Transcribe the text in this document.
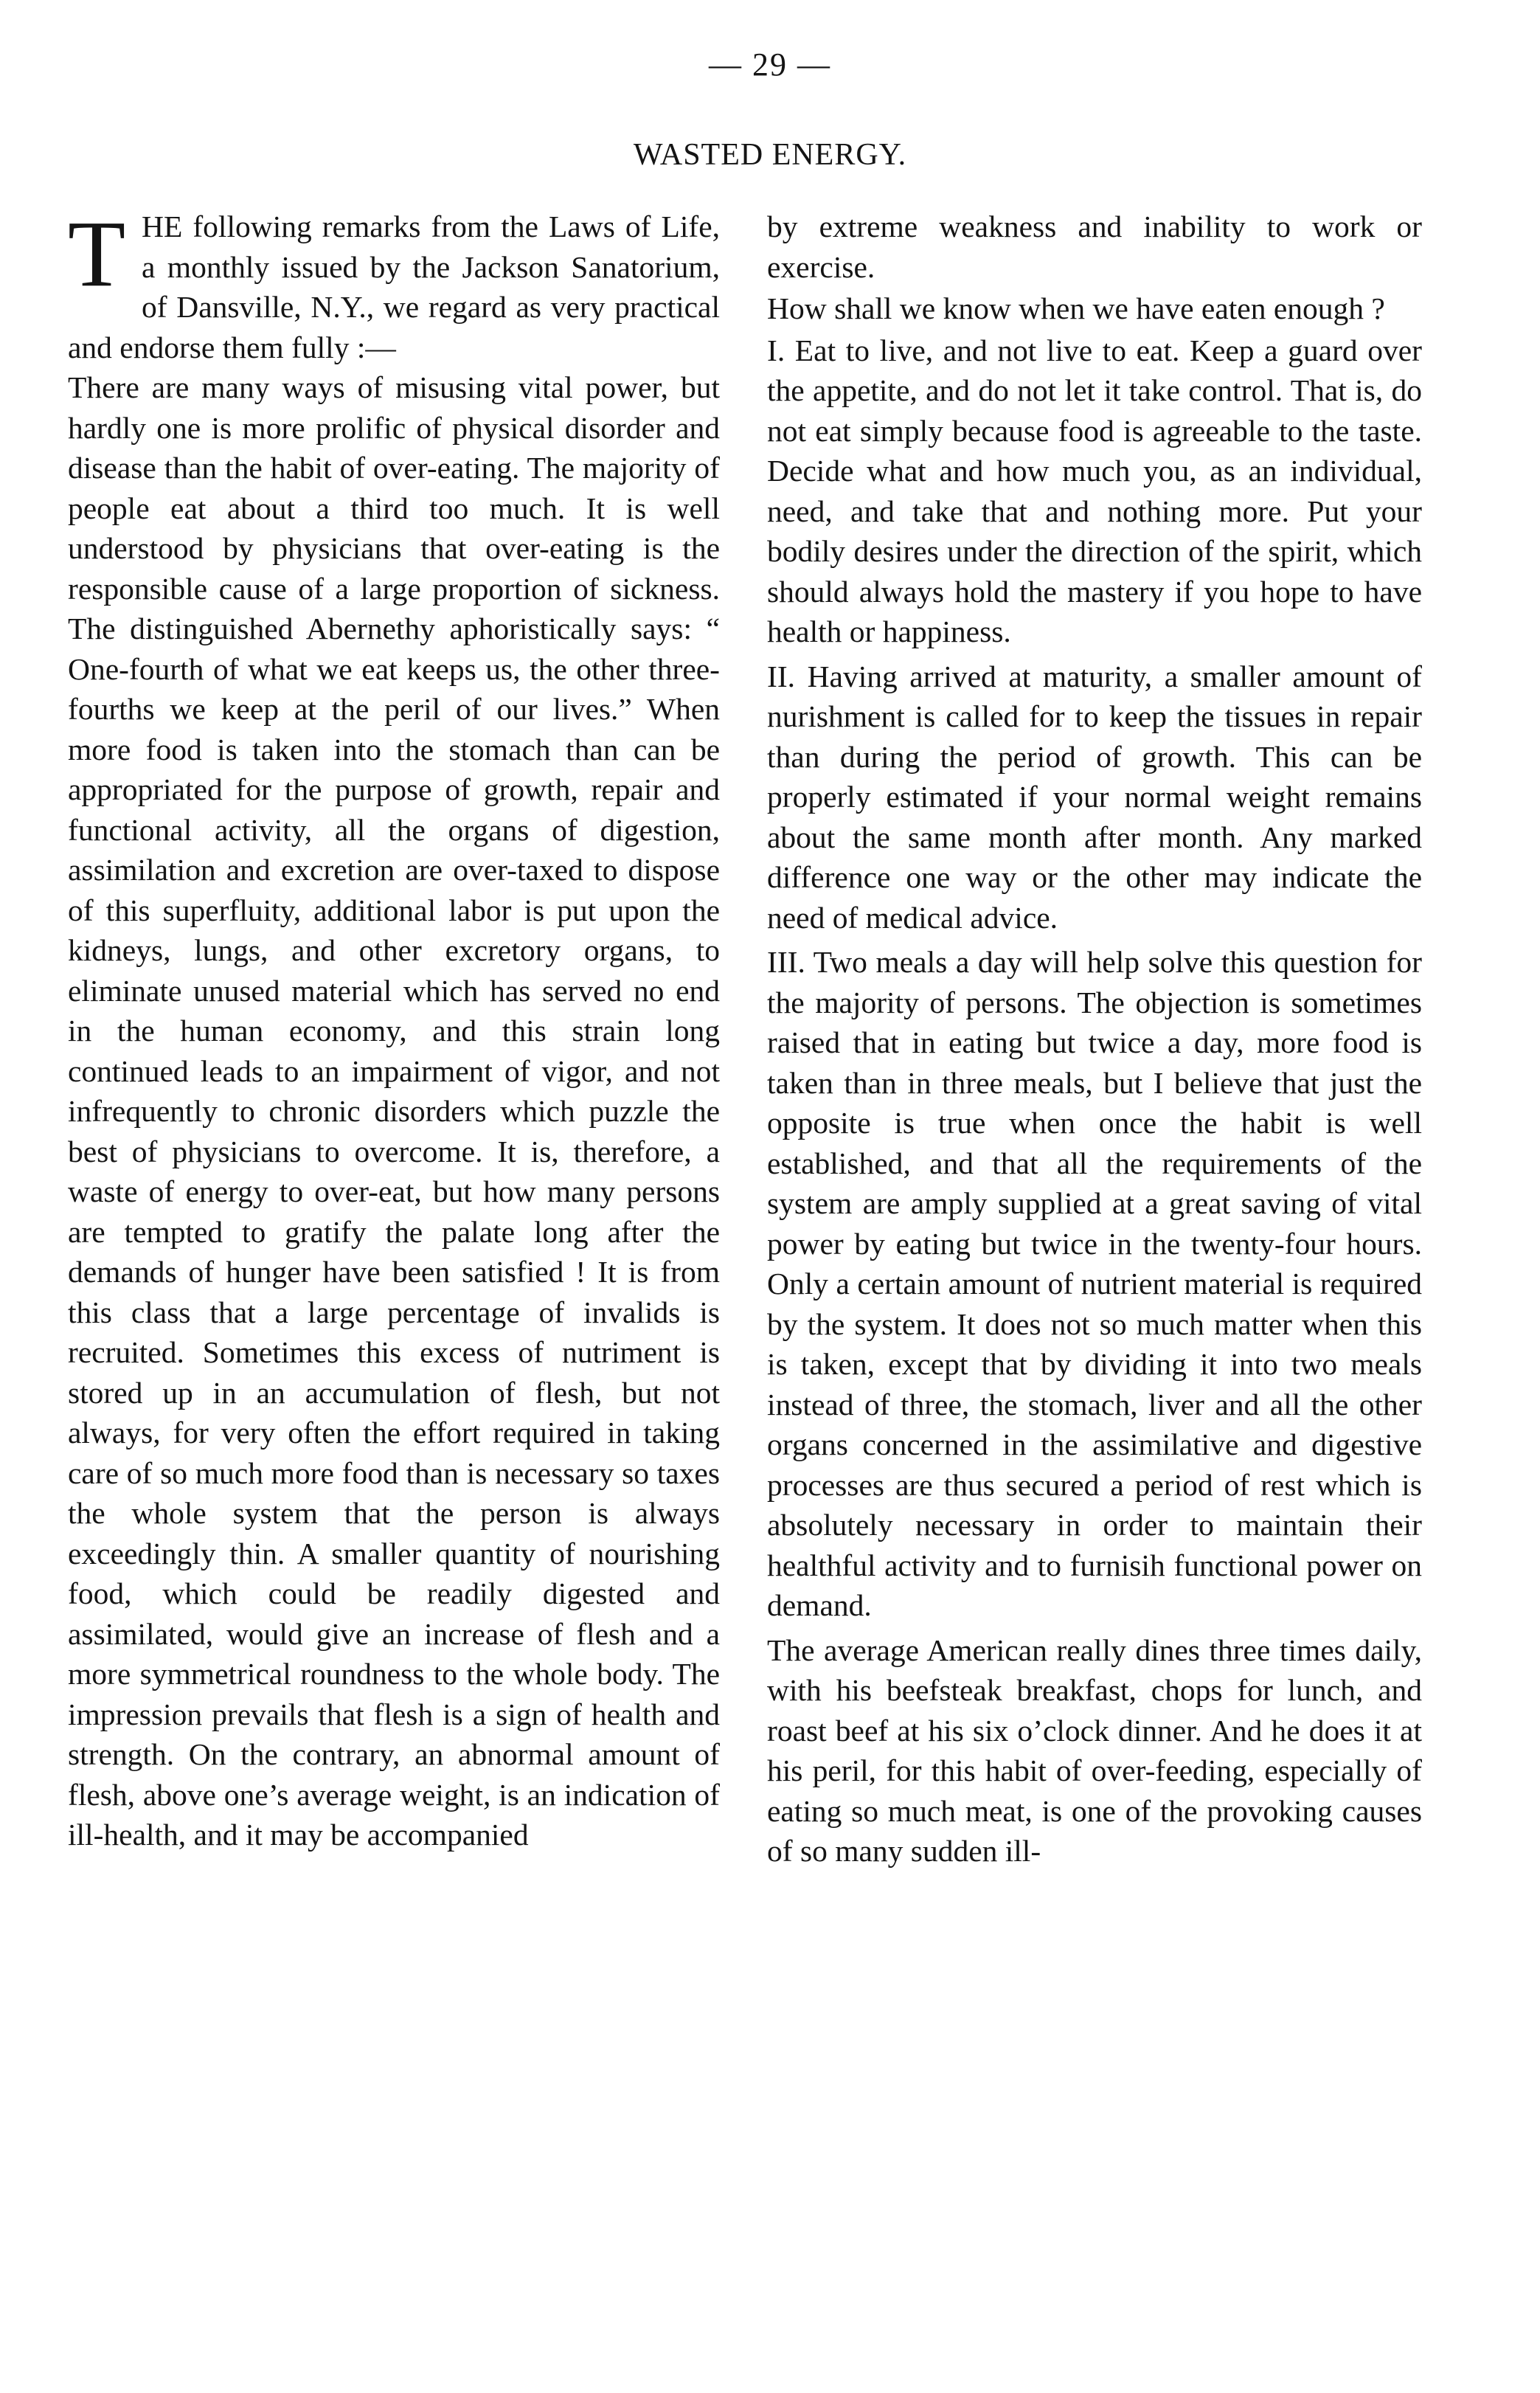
— 29 —
WASTED ENERGY.

THE following remarks from the Laws of Life, a monthly issued by the Jackson Sanatorium, of Dansville, N.Y., we regard as very practical and endorse them fully :—

There are many ways of misusing vital power, but hardly one is more prolific of physical disorder and disease than the habit of over-eating. The majority of people eat about a third too much. It is well understood by physicians that over-eating is the responsible cause of a large proportion of sickness. The distinguished Abernethy aphoristically says: “ One-fourth of what we eat keeps us, the other three-fourths we keep at the peril of our lives.” When more food is taken into the stomach than can be appropriated for the purpose of growth, repair and functional activity, all the organs of digestion, assimilation and excretion are over-taxed to dispose of this superfluity, additional labor is put upon the kidneys, lungs, and other excretory organs, to eliminate unused material which has served no end in the human economy, and this strain long continued leads to an impairment of vigor, and not infrequently to chronic disorders which puzzle the best of physicians to overcome. It is, therefore, a waste of energy to over-eat, but how many persons are tempted to gratify the palate long after the demands of hunger have been satisfied ! It is from this class that a large percentage of invalids is recruited. Sometimes this excess of nutriment is stored up in an accumulation of flesh, but not always, for very often the effort required in taking care of so much more food than is necessary so taxes the whole system that the person is always exceedingly thin. A smaller quantity of nourishing food, which could be readily digested and assimilated, would give an increase of flesh and a more symmetrical roundness to the whole body. The impression prevails that flesh is a sign of health and strength. On the contrary, an abnormal amount of flesh, above one’s average weight, is an indication of ill-health, and it may be accompanied

by extreme weakness and inability to work or exercise.

How shall we know when we have eaten enough ?

I. Eat to live, and not live to eat. Keep a guard over the appetite, and do not let it take control. That is, do not eat simply because food is agreeable to the taste. Decide what and how much you, as an individual, need, and take that and nothing more. Put your bodily desires under the direction of the spirit, which should always hold the mastery if you hope to have health or happiness.

II. Having arrived at maturity, a smaller amount of nurishment is called for to keep the tissues in repair than during the period of growth. This can be properly estimated if your normal weight remains about the same month after month. Any marked difference one way or the other may indicate the need of medical advice.

III. Two meals a day will help solve this question for the majority of persons. The objection is sometimes raised that in eating but twice a day, more food is taken than in three meals, but I believe that just the opposite is true when once the habit is well established, and that all the requirements of the system are amply supplied at a great saving of vital power by eating but twice in the twenty-four hours. Only a certain amount of nutrient material is required by the system. It does not so much matter when this is taken, except that by dividing it into two meals instead of three, the stomach, liver and all the other organs concerned in the assimilative and digestive processes are thus secured a period of rest which is absolutely necessary in order to maintain their healthful activity and to furnisih functional power on demand.

The average American really dines three times daily, with his beefsteak breakfast, chops for lunch, and roast beef at his six o’clock dinner. And he does it at his peril, for this habit of over-feeding, especially of eating so much meat, is one of the provoking causes of so many sudden ill-
